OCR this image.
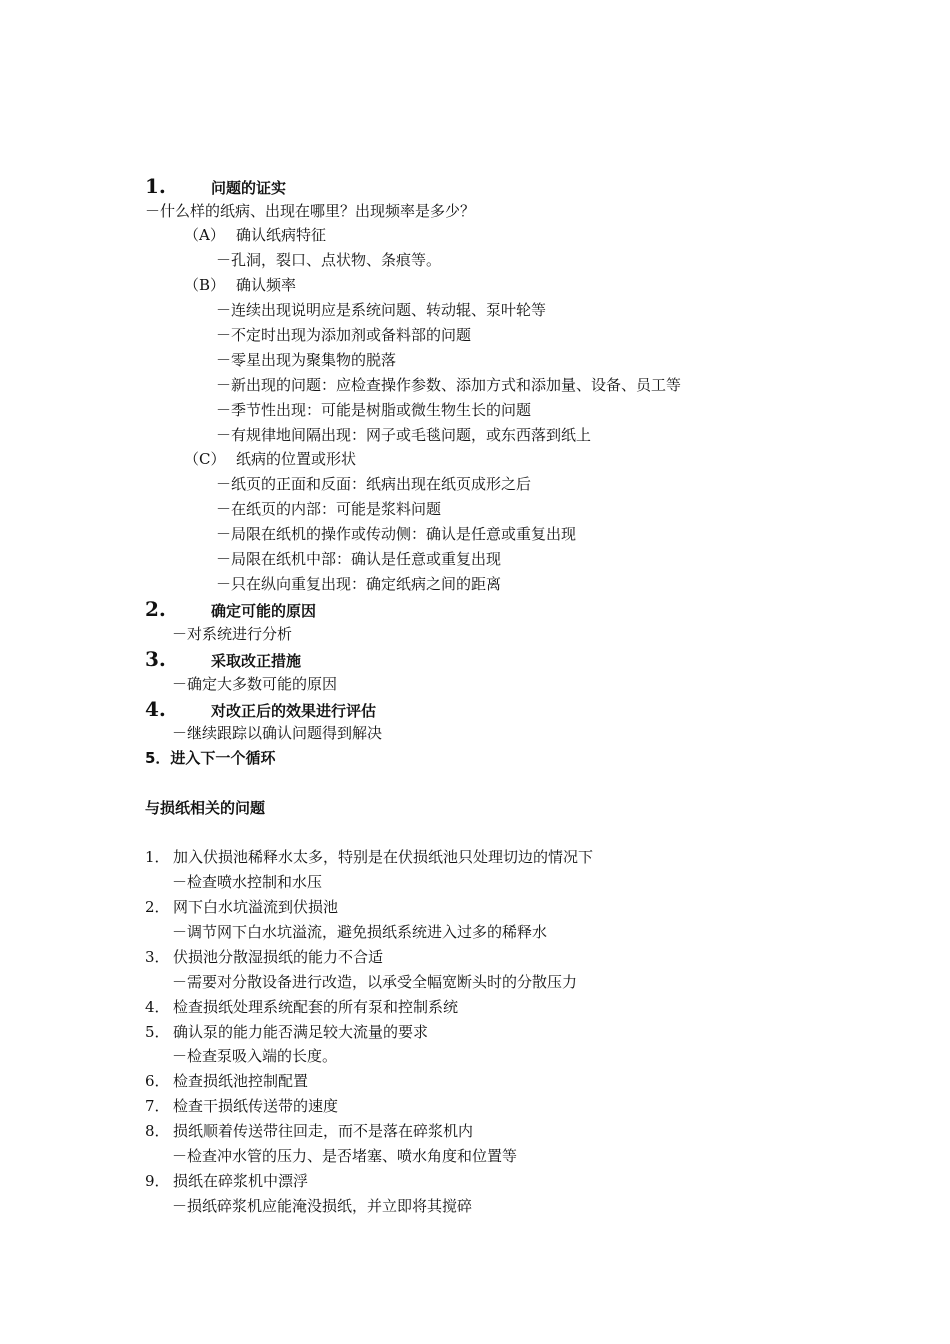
1.	问题的证实
－什么样的纸病、出现在哪里？出现频率是多少？
（A） 确认纸病特征
－孔洞，裂口、点状物、条痕等。
（B） 确认频率
－连续出现说明应是系统问题、转动辊、泵叶轮等
－不定时出现为添加剂或备料部的问题
－零星出现为聚集物的脱落
－新出现的问题：应检查操作参数、添加方式和添加量、设备、员工等
－季节性出现：可能是树脂或微生物生长的问题
－有规律地间隔出现：网子或毛毯问题，或东西落到纸上
（C） 纸病的位置或形状
－纸页的正面和反面：纸病出现在纸页成形之后
－在纸页的内部：可能是浆料问题
－局限在纸机的操作或传动侧：确认是任意或重复出现
－局限在纸机中部：确认是任意或重复出现
－只在纵向重复出现：确定纸病之间的距离
2.	确定可能的原因
－对系统进行分析
3.	采取改正措施
－确定大多数可能的原因
4.	对改正后的效果进行评估
－继续跟踪以确认问题得到解决
5．进入下一个循环
与损纸相关的问题
1． 加入伏损池稀释水太多，特别是在伏损纸池只处理切边的情况下
－检查喷水控制和水压
2． 网下白水坑溢流到伏损池
－调节网下白水坑溢流，避免损纸系统进入过多的稀释水
3． 伏损池分散湿损纸的能力不合适
－需要对分散设备进行改造，以承受全幅宽断头时的分散压力
4． 检查损纸处理系统配套的所有泵和控制系统
5． 确认泵的能力能否满足较大流量的要求
－检查泵吸入端的长度。
6． 检查损纸池控制配置
7． 检查干损纸传送带的速度
8． 损纸顺着传送带往回走，而不是落在碎浆机内
－检查冲水管的压力、是否堵塞、喷水角度和位置等
9． 损纸在碎浆机中漂浮
－损纸碎浆机应能淹没损纸，并立即将其搅碎
